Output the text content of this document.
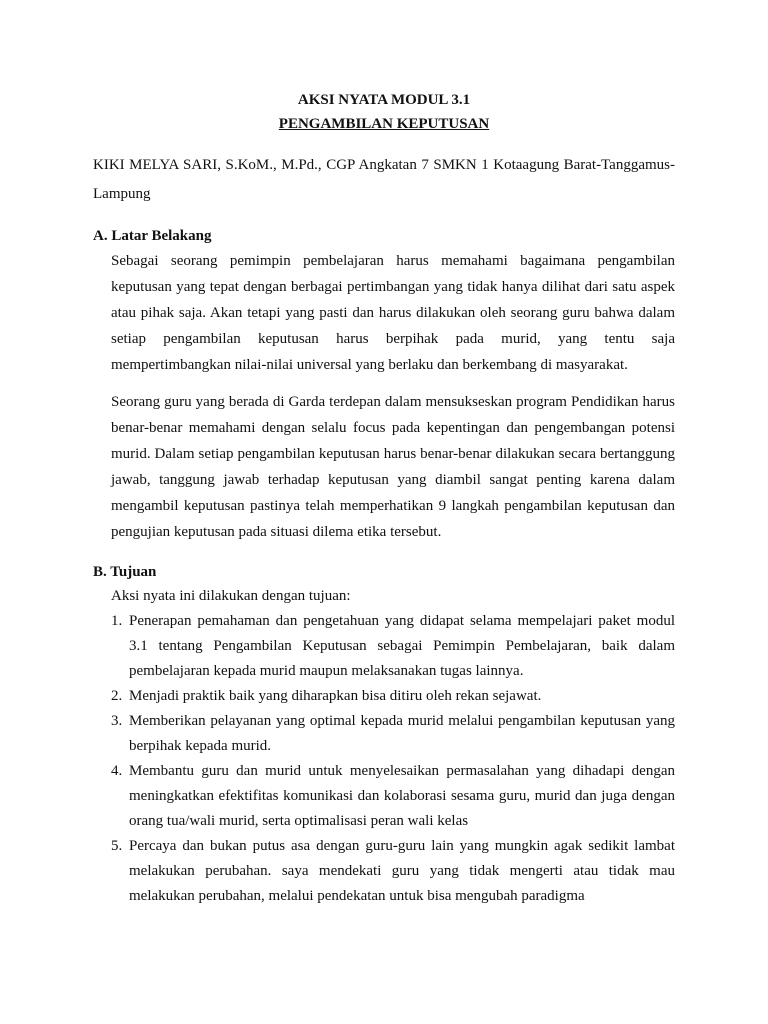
AKSI NYATA MODUL 3.1
PENGAMBILAN KEPUTUSAN
KIKI MELYA SARI, S.KoM., M.Pd., CGP Angkatan 7 SMKN 1 Kotaagung Barat-Tanggamus-Lampung
A. Latar Belakang
Sebagai seorang pemimpin pembelajaran harus memahami bagaimana pengambilan keputusan yang tepat dengan berbagai pertimbangan yang tidak hanya dilihat dari satu aspek atau pihak saja. Akan tetapi yang pasti dan harus dilakukan oleh seorang guru bahwa dalam setiap pengambilan keputusan harus berpihak pada murid, yang tentu saja mempertimbangkan nilai-nilai universal yang berlaku dan berkembang di masyarakat.
Seorang guru yang berada di Garda terdepan dalam mensukseskan program Pendidikan harus benar-benar memahami dengan selalu focus pada kepentingan dan pengembangan potensi murid. Dalam setiap pengambilan keputusan harus benar-benar dilakukan secara bertanggung jawab, tanggung jawab terhadap keputusan yang diambil sangat penting karena dalam mengambil keputusan pastinya telah memperhatikan 9 langkah pengambilan keputusan dan pengujian keputusan pada situasi dilema etika tersebut.
B. Tujuan
Aksi nyata ini dilakukan dengan tujuan:
1. Penerapan pemahaman dan pengetahuan yang didapat selama mempelajari paket modul 3.1 tentang Pengambilan Keputusan sebagai Pemimpin Pembelajaran, baik dalam pembelajaran kepada murid maupun melaksanakan tugas lainnya.
2. Menjadi praktik baik yang diharapkan bisa ditiru oleh rekan sejawat.
3. Memberikan pelayanan yang optimal kepada murid melalui pengambilan keputusan yang berpihak kepada murid.
4. Membantu guru dan murid untuk menyelesaikan permasalahan yang dihadapi dengan meningkatkan efektifitas komunikasi dan kolaborasi sesama guru, murid dan juga dengan orang tua/wali murid, serta optimalisasi peran wali kelas
5. Percaya dan bukan putus asa dengan guru-guru lain yang mungkin agak sedikit lambat melakukan perubahan. saya mendekati guru yang tidak mengerti atau tidak mau melakukan perubahan, melalui pendekatan untuk bisa mengubah paradigma
